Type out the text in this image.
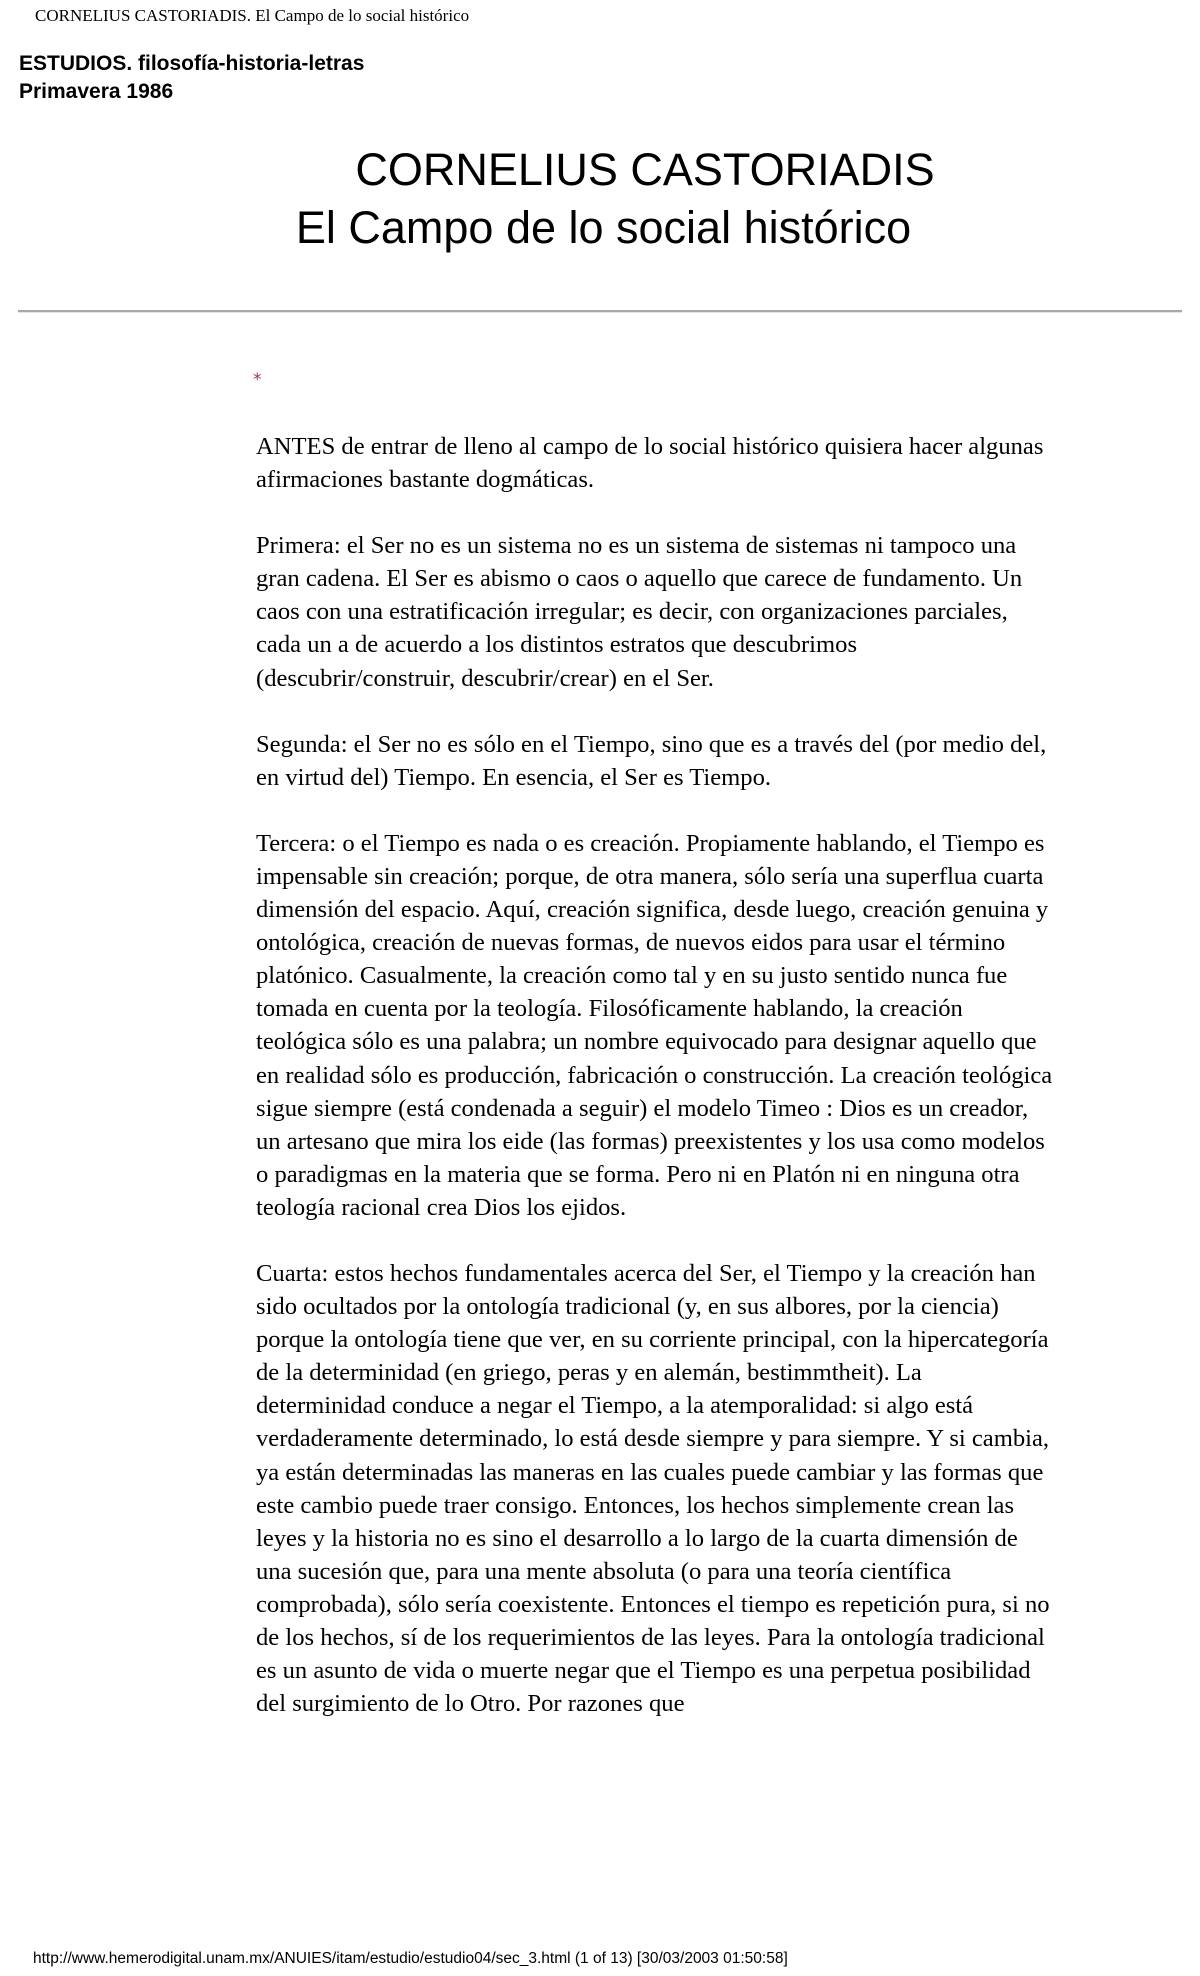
CORNELIUS CASTORIADIS. El Campo de lo social histórico
ESTUDIOS. filosofía-historia-letras
Primavera 1986
CORNELIUS CASTORIADIS
El Campo de lo social histórico
*

ANTES de entrar de lleno al campo de lo social histórico quisiera hacer algunas afirmaciones bastante dogmáticas.

Primera: el Ser no es un sistema no es un sistema de sistemas ni tampoco una gran cadena. El Ser es abismo o caos o aquello que carece de fundamento. Un caos con una estratificación irregular; es decir, con organizaciones parciales, cada un a de acuerdo a los distintos estratos que descubrimos (descubrir/construir, descubrir/crear) en el Ser.

Segunda: el Ser no es sólo en el Tiempo, sino que es a través del (por medio del, en virtud del) Tiempo. En esencia, el Ser es Tiempo.

Tercera: o el Tiempo es nada o es creación. Propiamente hablando, el Tiempo es impensable sin creación; porque, de otra manera, sólo sería una superflua cuarta dimensión del espacio. Aquí, creación significa, desde luego, creación genuina y ontológica, creación de nuevas formas, de nuevos eidos para usar el término platónico. Casualmente, la creación como tal y en su justo sentido nunca fue tomada en cuenta por la teología. Filosóficamente hablando, la creación teológica sólo es una palabra; un nombre equivocado para designar aquello que en realidad sólo es producción, fabricación o construcción. La creación teológica sigue siempre (está condenada a seguir) el modelo Timeo : Dios es un creador, un artesano que mira los eide (las formas) preexistentes y los usa como modelos o paradigmas en la materia que se forma. Pero ni en Platón ni en ninguna otra teología racional crea Dios los ejidos.

Cuarta: estos hechos fundamentales acerca del Ser, el Tiempo y la creación han sido ocultados por la ontología tradicional (y, en sus albores, por la ciencia) porque la ontología tiene que ver, en su corriente principal, con la hipercategoría de la determinidad (en griego, peras y en alemán, bestimmtheit). La determinidad conduce a negar el Tiempo, a la atemporalidad: si algo está verdaderamente determinado, lo está desde siempre y para siempre. Y si cambia, ya están determinadas las maneras en las cuales puede cambiar y las formas que este cambio puede traer consigo. Entonces, los hechos simplemente crean las leyes y la historia no es sino el desarrollo a lo largo de la cuarta dimensión de una sucesión que, para una mente absoluta (o para una teoría científica comprobada), sólo sería coexistente. Entonces el tiempo es repetición pura, si no de los hechos, sí de los requerimientos de las leyes. Para la ontología tradicional es un asunto de vida o muerte negar que el Tiempo es una perpetua posibilidad del surgimiento de lo Otro. Por razones que

http://www.hemerodigital.unam.mx/ANUIES/itam/estudio/estudio04/sec_3.html (1 of 13) [30/03/2003 01:50:58]
